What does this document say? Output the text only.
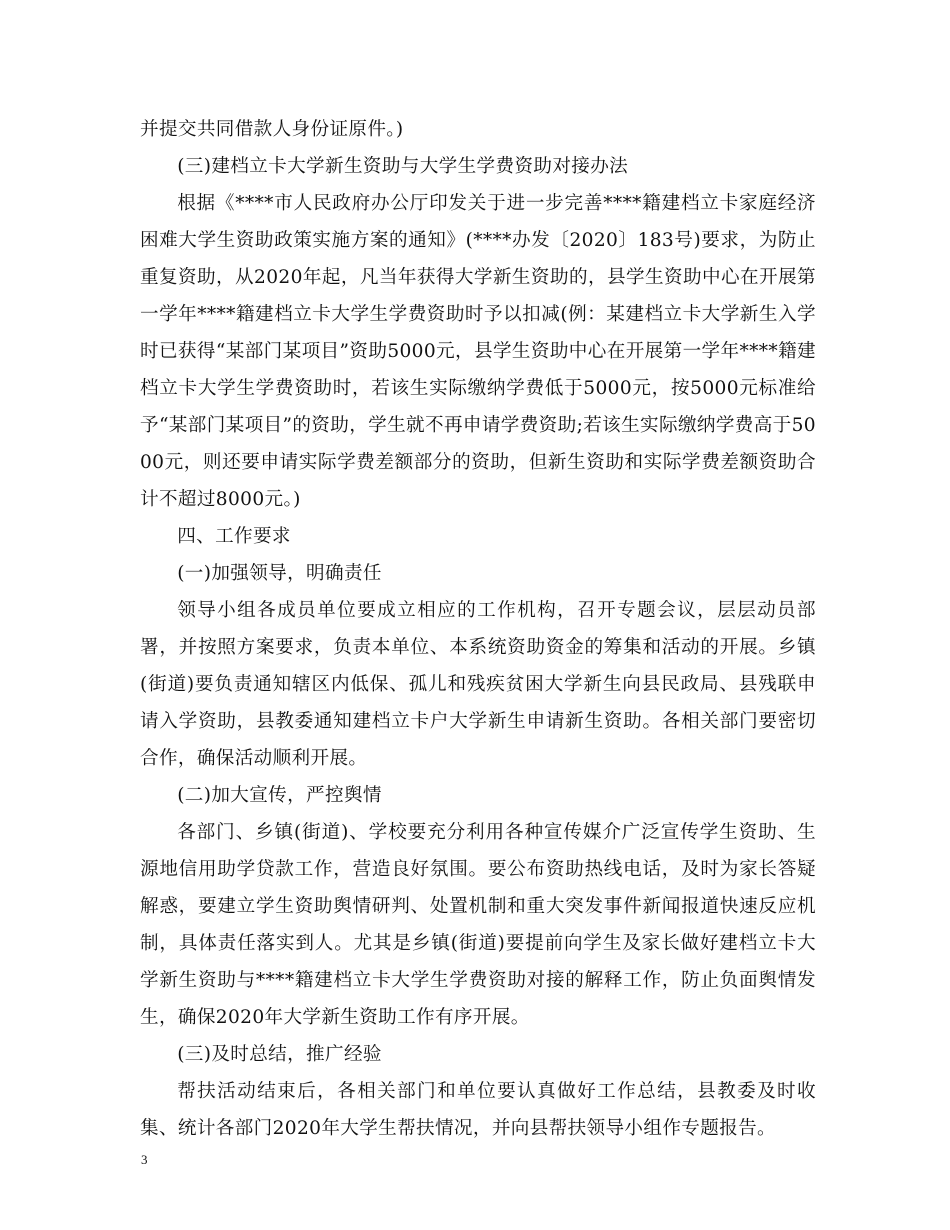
并提交共同借款人身份证原件。)

(三)建档立卡大学新生资助与大学生学费资助对接办法

根据《****市人民政府办公厅印发关于进一步完善****籍建档立卡家庭经济困难大学生资助政策实施方案的通知》(****办发〔2020〕183号)要求，为防止重复资助，从2020年起，凡当年获得大学新生资助的，县学生资助中心在开展第一学年****籍建档立卡大学生学费资助时予以扣减(例：某建档立卡大学新生入学时已获得“某部门某项目”资助5000元，县学生资助中心在开展第一学年****籍建档立卡大学生学费资助时，若该生实际缴纳学费低于5000元，按5000元标准给予“某部门某项目”的资助，学生就不再申请学费资助;若该生实际缴纳学费高于5000元，则还要申请实际学费差额部分的资助，但新生资助和实际学费差额资助合计不超过8000元。)

四、工作要求

(一)加强领导，明确责任

领导小组各成员单位要成立相应的工作机构，召开专题会议，层层动员部署，并按照方案要求，负责本单位、本系统资助资金的筹集和活动的开展。乡镇(街道)要负责通知辖区内低保、孤儿和残疾贫困大学新生向县民政局、县残联申请入学资助，县教委通知建档立卡户大学新生申请新生资助。各相关部门要密切合作，确保活动顺利开展。

(二)加大宣传，严控舆情

各部门、乡镇(街道)、学校要充分利用各种宣传媒介广泛宣传学生资助、生源地信用助学贷款工作，营造良好氛围。要公布资助热线电话，及时为家长答疑解惑，要建立学生资助舆情研判、处置机制和重大突发事件新闻报道快速反应机制，具体责任落实到人。尤其是乡镇(街道)要提前向学生及家长做好建档立卡大学新生资助与****籍建档立卡大学生学费资助对接的解释工作，防止负面舆情发生，确保2020年大学新生资助工作有序开展。

(三)及时总结，推广经验

帮扶活动结束后，各相关部门和单位要认真做好工作总结，县教委及时收集、统计各部门2020年大学生帮扶情况，并向县帮扶领导小组作专题报告。

3
